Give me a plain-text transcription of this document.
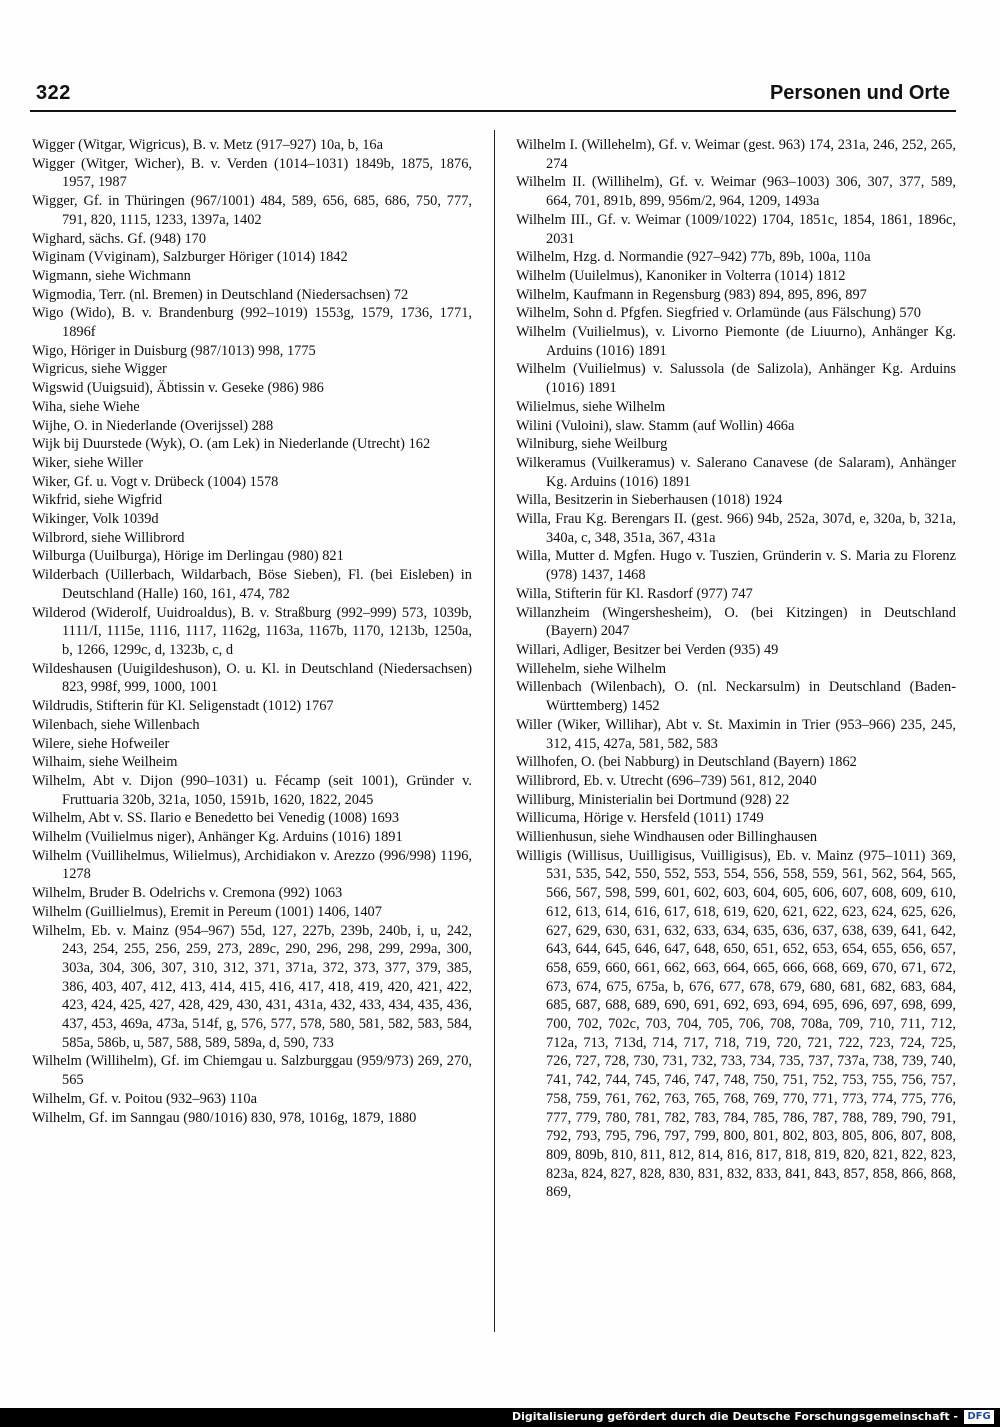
322	Personen und Orte
Wigger (Witgar, Wigricus), B. v. Metz (917–927) 10a, b, 16a
Wigger (Witger, Wicher), B. v. Verden (1014–1031) 1849b, 1875, 1876, 1957, 1987
Wigger, Gf. in Thüringen (967/1001) 484, 589, 656, 685, 686, 750, 777, 791, 820, 1115, 1233, 1397a, 1402
Wighard, sächs. Gf. (948) 170
Wiginam (Vviginam), Salzburger Höriger (1014) 1842
Wigmann, siehe Wichmann
Wigmodia, Terr. (nl. Bremen) in Deutschland (Niedersachsen) 72
Wigo (Wido), B. v. Brandenburg (992–1019) 1553g, 1579, 1736, 1771, 1896f
Wigo, Höriger in Duisburg (987/1013) 998, 1775
Wigricus, siehe Wigger
Wigswid (Uuigsuid), Äbtissin v. Geseke (986) 986
Wiha, siehe Wiehe
Wijhe, O. in Niederlande (Overijssel) 288
Wijk bij Duurstede (Wyk), O. (am Lek) in Niederlande (Utrecht) 162
Wiker, siehe Willer
Wiker, Gf. u. Vogt v. Drübeck (1004) 1578
Wikfrid, siehe Wigfrid
Wikinger, Volk 1039d
Wilbrord, siehe Willibrord
Wilburga (Uuilburga), Hörige im Derlingau (980) 821
Wilderbach (Uillerbach, Wildarbach, Böse Sieben), Fl. (bei Eisleben) in Deutschland (Halle) 160, 161, 474, 782
Wilderod (Widerolf, Uuidroaldus), B. v. Straßburg (992–999) 573, 1039b, 1111/I, 1115e, 1116, 1117, 1162g, 1163a, 1167b, 1170, 1213b, 1250a, b, 1266, 1299c, d, 1323b, c, d
Wildeshausen (Uuigildeshuson), O. u. Kl. in Deutschland (Niedersachsen) 823, 998f, 999, 1000, 1001
Wildrudis, Stifterin für Kl. Seligenstadt (1012) 1767
Wilenbach, siehe Willenbach
Wilere, siehe Hofweiler
Wilhaim, siehe Weilheim
Wilhelm, Abt v. Dijon (990–1031) u. Fécamp (seit 1001), Gründer v. Fruttuaria 320b, 321a, 1050, 1591b, 1620, 1822, 2045
Wilhelm, Abt v. SS. Ilario e Benedetto bei Venedig (1008) 1693
Wilhelm (Vuilielmus niger), Anhänger Kg. Arduins (1016) 1891
Wilhelm (Vuillihelmus, Wilielmus), Archidiakon v. Arezzo (996/998) 1196, 1278
Wilhelm, Bruder B. Odelrichs v. Cremona (992) 1063
Wilhelm (Guillielmus), Eremit in Pereum (1001) 1406, 1407
Wilhelm, Eb. v. Mainz (954–967) 55d, 127, 227b, 239b, 240b, i, u, 242, 243, 254, 255, 256, 259, 273, 289c, 290, 296, 298, 299, 299a, 300, 303a, 304, 306, 307, 310, 312, 371, 371a, 372, 373, 377, 379, 385, 386, 403, 407, 412, 413, 414, 415, 416, 417, 418, 419, 420, 421, 422, 423, 424, 425, 427, 428, 429, 430, 431, 431a, 432, 433, 434, 435, 436, 437, 453, 469a, 473a, 514f, g, 576, 577, 578, 580, 581, 582, 583, 584, 585a, 586b, u, 587, 588, 589, 589a, d, 590, 733
Wilhelm (Willihelm), Gf. im Chiemgau u. Salzburggau (959/973) 269, 270, 565
Wilhelm, Gf. v. Poitou (932–963) 110a
Wilhelm, Gf. im Sanngau (980/1016) 830, 978, 1016g, 1879, 1880
Wilhelm I. (Willehelm), Gf. v. Weimar (gest. 963) 174, 231a, 246, 252, 265, 274
Wilhelm II. (Willihelm), Gf. v. Weimar (963–1003) 306, 307, 377, 589, 664, 701, 891b, 899, 956m/2, 964, 1209, 1493a
Wilhelm III., Gf. v. Weimar (1009/1022) 1704, 1851c, 1854, 1861, 1896c, 2031
Wilhelm, Hzg. d. Normandie (927–942) 77b, 89b, 100a, 110a
Wilhelm (Uuilelmus), Kanoniker in Volterra (1014) 1812
Wilhelm, Kaufmann in Regensburg (983) 894, 895, 896, 897
Wilhelm, Sohn d. Pfgfen. Siegfried v. Orlamünde (aus Fälschung) 570
Wilhelm (Vuilielmus), v. Livorno Piemonte (de Liuurno), Anhänger Kg. Arduins (1016) 1891
Wilhelm (Vuilielmus) v. Salussola (de Salizola), Anhänger Kg. Arduins (1016) 1891
Wilielmus, siehe Wilhelm
Wilini (Vuloini), slaw. Stamm (auf Wollin) 466a
Wilniburg, siehe Weilburg
Wilkeramus (Vuilkeramus) v. Salerano Canavese (de Salaram), Anhänger Kg. Arduins (1016) 1891
Willa, Besitzerin in Sieberhausen (1018) 1924
Willa, Frau Kg. Berengars II. (gest. 966) 94b, 252a, 307d, e, 320a, b, 321a, 340a, c, 348, 351a, 367, 431a
Willa, Mutter d. Mgfen. Hugo v. Tuszien, Gründerin v. S. Maria zu Florenz (978) 1437, 1468
Willa, Stifterin für Kl. Rasdorf (977) 747
Willanzheim (Wingershesheim), O. (bei Kitzingen) in Deutschland (Bayern) 2047
Willari, Adliger, Besitzer bei Verden (935) 49
Willehelm, siehe Wilhelm
Willenbach (Wilenbach), O. (nl. Neckarsulm) in Deutschland (Baden-Württemberg) 1452
Willer (Wiker, Willihar), Abt v. St. Maximin in Trier (953–966) 235, 245, 312, 415, 427a, 581, 582, 583
Willhofen, O. (bei Nabburg) in Deutschland (Bayern) 1862
Willibrord, Eb. v. Utrecht (696–739) 561, 812, 2040
Williburg, Ministerialin bei Dortmund (928) 22
Willicuma, Hörige v. Hersfeld (1011) 1749
Willienhusun, siehe Windhausen oder Billinghausen
Willigis (Willisus, Uuilligisus, Vuilligisus), Eb. v. Mainz (975–1011) 369, 531, 535, 542, 550, 552, 553, 554, 556, 558, 559, 561, 562, 564, 565, 566, 567, 598, 599, 601, 602, 603, 604, 605, 606, 607, 608, 609, 610, 612, 613, 614, 616, 617, 618, 619, 620, 621, 622, 623, 624, 625, 626, 627, 629, 630, 631, 632, 633, 634, 635, 636, 637, 638, 639, 641, 642, 643, 644, 645, 646, 647, 648, 650, 651, 652, 653, 654, 655, 656, 657, 658, 659, 660, 661, 662, 663, 664, 665, 666, 668, 669, 670, 671, 672, 673, 674, 675, 675a, b, 676, 677, 678, 679, 680, 681, 682, 683, 684, 685, 687, 688, 689, 690, 691, 692, 693, 694, 695, 696, 697, 698, 699, 700, 702, 702c, 703, 704, 705, 706, 708, 708a, 709, 710, 711, 712, 712a, 713, 713d, 714, 717, 718, 719, 720, 721, 722, 723, 724, 725, 726, 727, 728, 730, 731, 732, 733, 734, 735, 737, 737a, 738, 739, 740, 741, 742, 744, 745, 746, 747, 748, 750, 751, 752, 753, 755, 756, 757, 758, 759, 761, 762, 763, 765, 768, 769, 770, 771, 773, 774, 775, 776, 777, 779, 780, 781, 782, 783, 784, 785, 786, 787, 788, 789, 790, 791, 792, 793, 795, 796, 797, 799, 800, 801, 802, 803, 805, 806, 807, 808, 809, 809b, 810, 811, 812, 814, 816, 817, 818, 819, 820, 821, 822, 823, 823a, 824, 827, 828, 830, 831, 832, 833, 841, 843, 857, 858, 866, 868, 869,
Digitalisierung gefördert durch die Deutsche Forschungsgemeinschaft - DFG
